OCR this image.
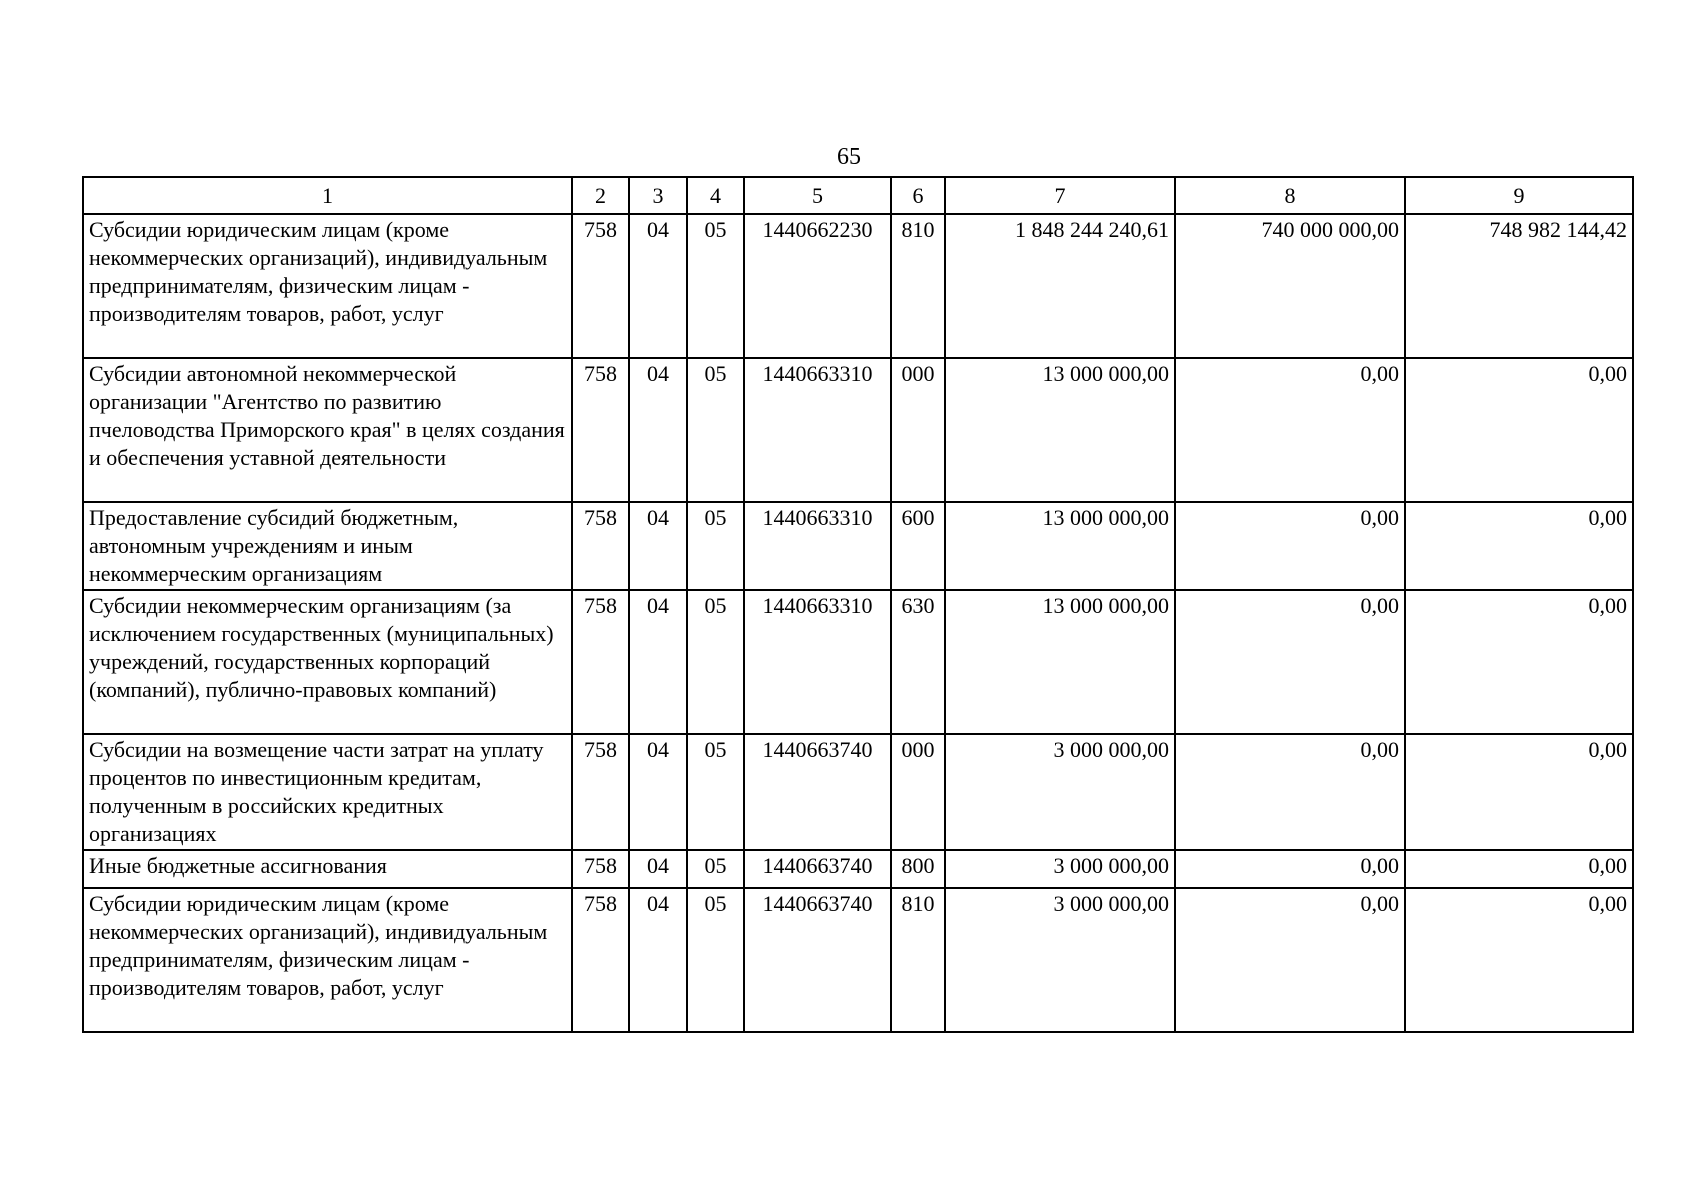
65
1	2	3	4	5	6	7	8	9
Субсидии юридическим лицам (кроме некоммерческих организаций), индивидуальным предпринимателям, физическим лицам - производителям товаров, работ, услуг	758	04	05	1440662230	810	1 848 244 240,61	740 000 000,00	748 982 144,42
Субсидии автономной некоммерческой организации "Агентство по развитию пчеловодства Приморского края" в целях создания и обеспечения уставной деятельности	758	04	05	1440663310	000	13 000 000,00	0,00	0,00
Предоставление субсидий бюджетным, автономным учреждениям и иным некоммерческим организациям	758	04	05	1440663310	600	13 000 000,00	0,00	0,00
Субсидии некоммерческим организациям (за исключением государственных (муниципальных) учреждений, государственных корпораций (компаний), публично-правовых компаний)	758	04	05	1440663310	630	13 000 000,00	0,00	0,00
Субсидии на возмещение части затрат на уплату процентов по инвестиционным кредитам, полученным в российских кредитных организациях	758	04	05	1440663740	000	3 000 000,00	0,00	0,00
Иные бюджетные ассигнования	758	04	05	1440663740	800	3 000 000,00	0,00	0,00
Субсидии юридическим лицам (кроме некоммерческих организаций), индивидуальным предпринимателям, физическим лицам - производителям товаров, работ, услуг	758	04	05	1440663740	810	3 000 000,00	0,00	0,00
